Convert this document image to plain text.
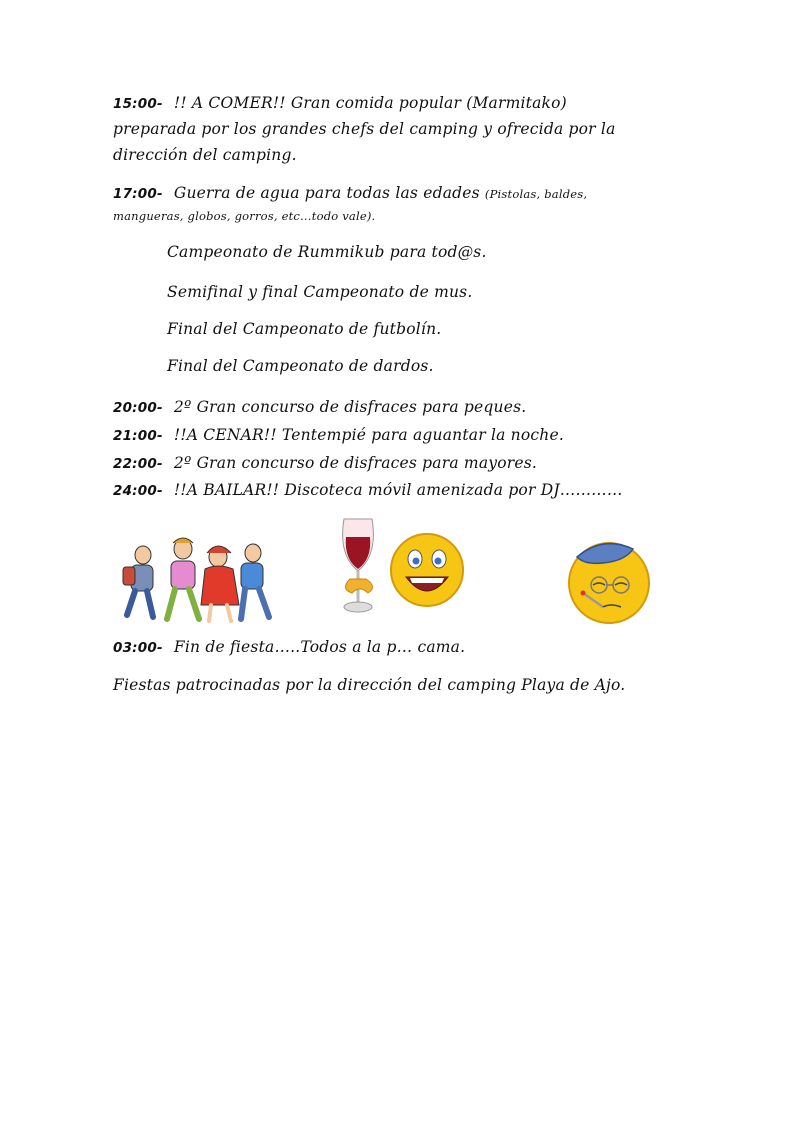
15:00- !! A COMER!! Gran comida popular (Marmitako)
preparada por los grandes chefs del camping y ofrecida por la
dirección del camping.
17:00- Guerra de agua para todas las edades (Pistolas, baldes,
mangueras, globos, gorros, etc…todo vale).
Campeonato de Rummikub para tod@s.
Semifinal y final Campeonato de mus.
Final del Campeonato de futbolín.
Final del Campeonato de dardos.
20:00- 2º Gran concurso de disfraces para peques.
21:00- !!A CENAR!! Tentempié para aguantar la noche.
22:00- 2º Gran concurso de disfraces para mayores.
24:00- !!A BAILAR!! Discoteca móvil amenizada por DJ…………
03:00- Fin de fiesta…..Todos a la p… cama.
Fiestas patrocinadas por la dirección del camping Playa de Ajo.
